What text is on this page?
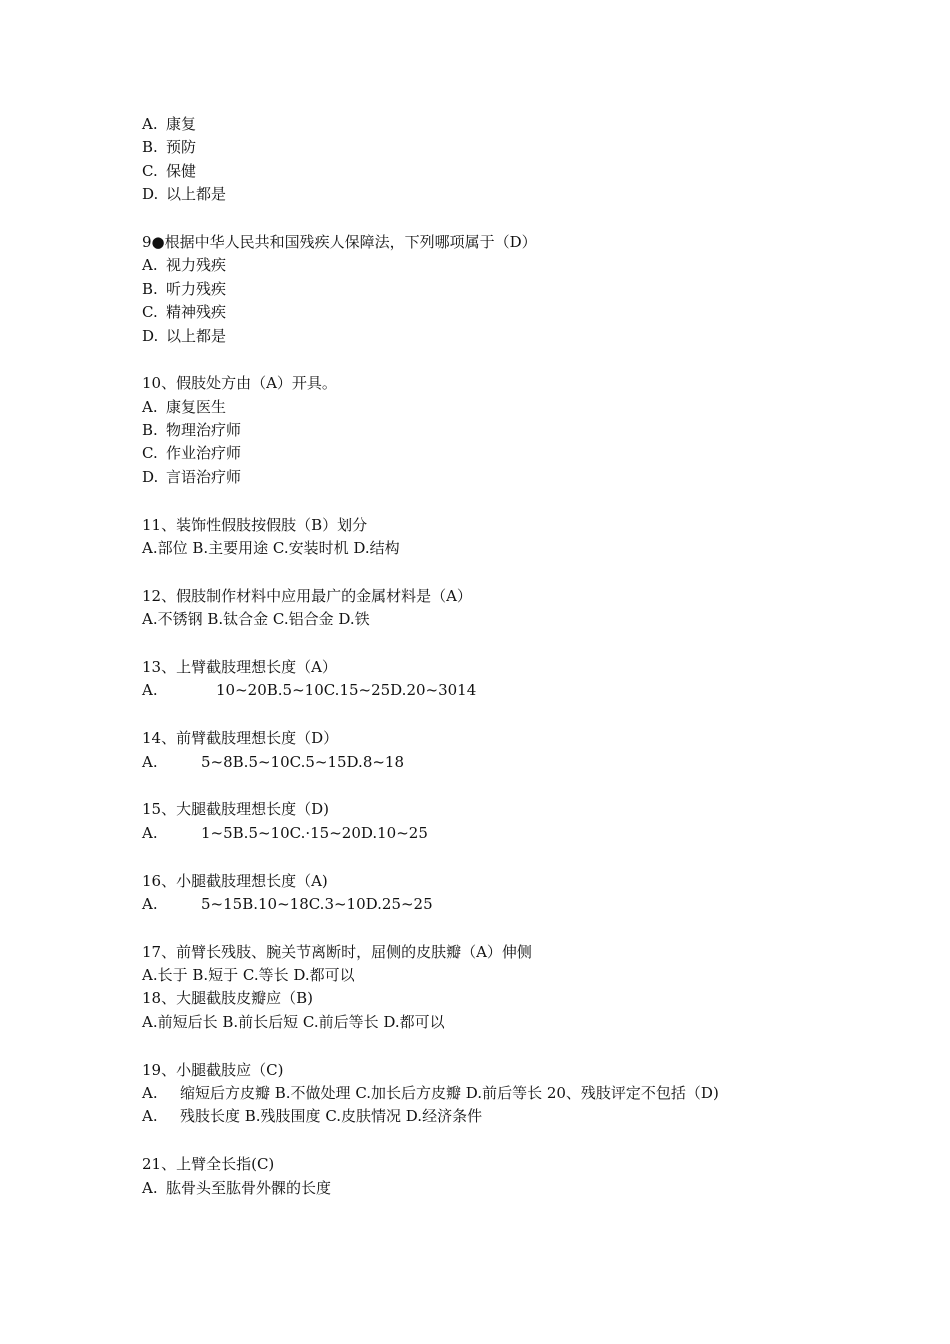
A. 康复
B. 预防
C. 保健
D. 以上都是
9●根据中华人民共和国残疾人保障法，下列哪项属于（D）
A. 视力残疾
B. 听力残疾
C. 精神残疾
D. 以上都是
10、假肢处方由（A）开具。
A. 康复医生
B. 物理治疗师
C. 作业治疗师
D. 言语治疗师
11、装饰性假肢按假肢（B）划分
A.部位 B.主要用途 C.安装时机 D.结构
12、假肢制作材料中应用最广的金属材料是（A）
A.不锈钢 B.钛合金 C.铝合金 D.铁
13、上臂截肢理想长度（A）
A.	10~20B.5~10C.15~25D.20~3014
14、前臂截肢理想长度（D）
A.	5~8B.5~10C.5~15D.8~18
15、大腿截肢理想长度（D)
A.	1~5B.5~10C.·15~20D.10~25
16、小腿截肢理想长度（A)
A.	5~15B.10~18C.3~10D.25~25
17、前臂长残肢、腕关节离断时，屈侧的皮肤瓣（A）伸侧
A.长于 B.短于 C.等长 D.都可以
18、大腿截肢皮瓣应（B)
A.前短后长 B.前长后短 C.前后等长 D.都可以
19、小腿截肢应（C)
A. 缩短后方皮瓣 B.不做处理 C.加长后方皮瓣 D.前后等长 20、残肢评定不包括（D)
A. 残肢长度 B.残肢围度 C.皮肤情况 D.经济条件
21、上臂全长指(C)
A. 肱骨头至肱骨外髁的长度
